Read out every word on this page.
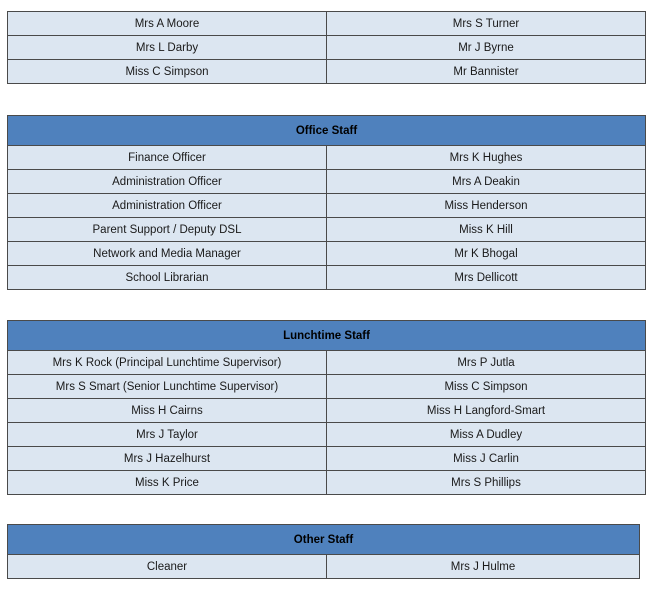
Mrs A Moore	Mrs S Turner
Mrs L Darby	Mr J Byrne
Miss C Simpson	Mr Bannister
Office Staff	
Finance Officer	Mrs K Hughes
Administration Officer	Mrs A Deakin
Administration Officer	Miss Henderson
Parent Support / Deputy DSL	Miss K Hill
Network and Media Manager	Mr K Bhogal
School Librarian	Mrs Dellicott
Lunchtime Staff	
Mrs K Rock (Principal Lunchtime Supervisor)	Mrs P Jutla
Mrs S Smart (Senior Lunchtime Supervisor)	Miss C Simpson
Miss H Cairns	Miss H Langford-Smart
Mrs J Taylor	Miss A Dudley
Mrs J Hazelhurst	Miss J Carlin
Miss K Price	Mrs S Phillips
Other Staff
Cleaner	Mrs J Hulme
